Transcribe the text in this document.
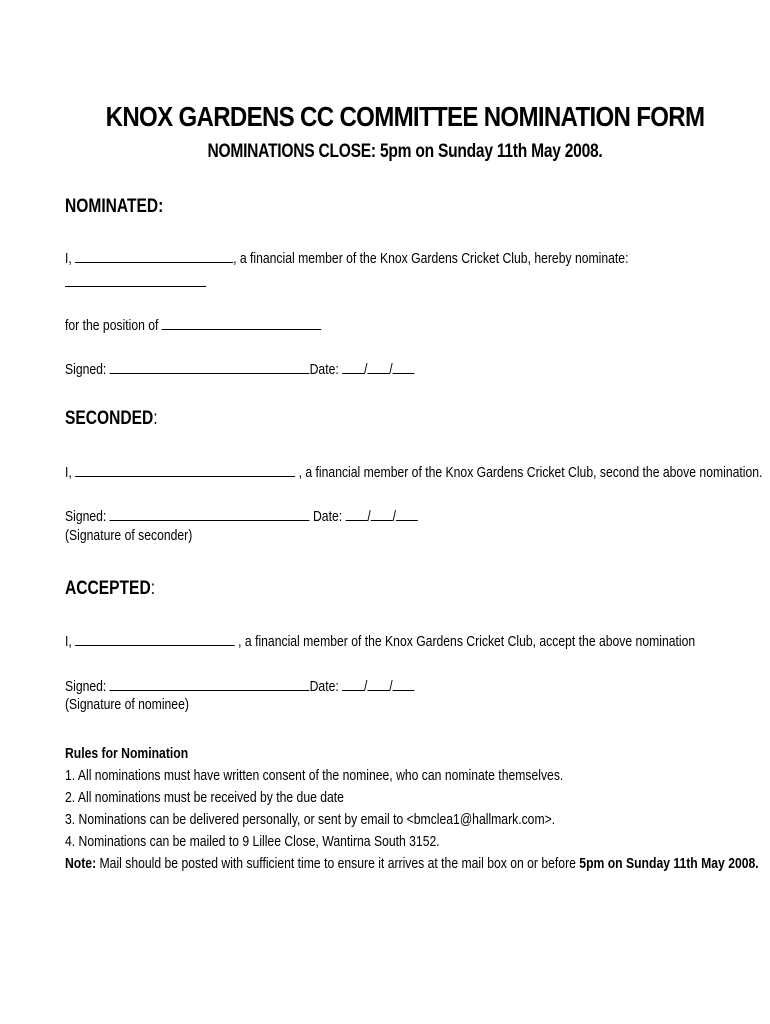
KNOX GARDENS CC COMMITTEE NOMINATION FORM
NOMINATIONS CLOSE: 5pm on Sunday 11th May 2008.
NOMINATED:
I,	, a financial member of the Knox Gardens Cricket Club, hereby nominate:
for the position of
Signed:	Date: / /
SECONDED:
I,	, a financial member of the Knox Gardens Cricket Club, second the above nomination.
Signed:	Date: / /
(Signature of seconder)
ACCEPTED:
I,	, a financial member of the Knox Gardens Cricket Club, accept the above nomination
Signed:	Date: / /
(Signature of nominee)
Rules for Nomination
1. All nominations must have written consent of the nominee, who can nominate themselves.
2. All nominations must be received by the due date
3. Nominations can be delivered personally, or sent by email to <bmclea1@hallmark.com>.
4. Nominations can be mailed to 9 Lillee Close, Wantirna South 3152.
Note: Mail should be posted with sufficient time to ensure it arrives at the mail box on or before 5pm on Sunday 11th May 2008.
